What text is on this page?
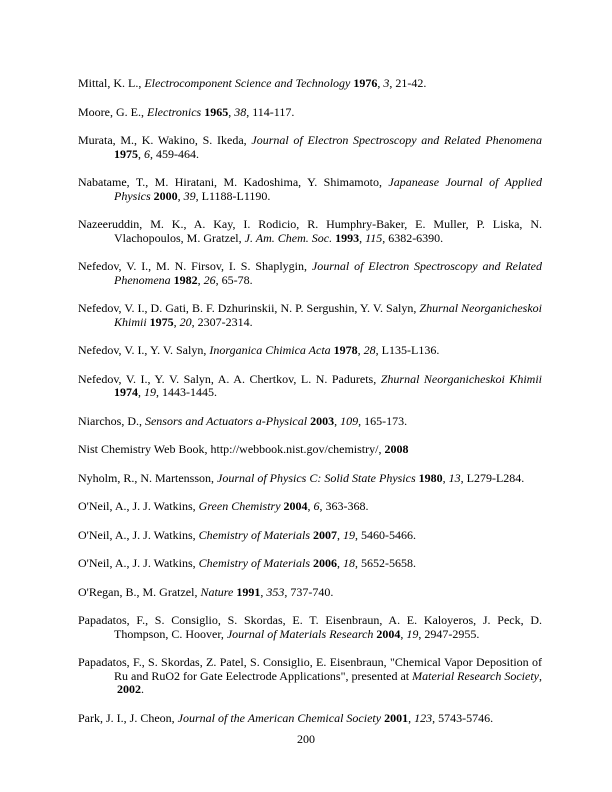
Mittal, K. L., Electrocomponent Science and Technology 1976, 3, 21-42.

Moore, G. E., Electronics 1965, 38, 114-117.

Murata, M., K. Wakino, S. Ikeda, Journal of Electron Spectroscopy and Related Phenomena 1975, 6, 459-464.

Nabatame, T., M. Hiratani, M. Kadoshima, Y. Shimamoto, Japanease Journal of Applied Physics 2000, 39, L1188-L1190.

Nazeeruddin, M. K., A. Kay, I. Rodicio, R. Humphry-Baker, E. Muller, P. Liska, N. Vlachopoulos, M. Gratzel, J. Am. Chem. Soc. 1993, 115, 6382-6390.

Nefedov, V. I., M. N. Firsov, I. S. Shaplygin, Journal of Electron Spectroscopy and Related Phenomena 1982, 26, 65-78.

Nefedov, V. I., D. Gati, B. F. Dzhurinskii, N. P. Sergushin, Y. V. Salyn, Zhurnal Neorganicheskoi Khimii 1975, 20, 2307-2314.

Nefedov, V. I., Y. V. Salyn, Inorganica Chimica Acta 1978, 28, L135-L136.

Nefedov, V. I., Y. V. Salyn, A. A. Chertkov, L. N. Padurets, Zhurnal Neorganicheskoi Khimii 1974, 19, 1443-1445.

Niarchos, D., Sensors and Actuators a-Physical 2003, 109, 165-173.

Nist Chemistry Web Book, http://webbook.nist.gov/chemistry/, 2008

Nyholm, R., N. Martensson, Journal of Physics C: Solid State Physics 1980, 13, L279-L284.

O'Neil, A., J. J. Watkins, Green Chemistry 2004, 6, 363-368.

O'Neil, A., J. J. Watkins, Chemistry of Materials 2007, 19, 5460-5466.

O'Neil, A., J. J. Watkins, Chemistry of Materials 2006, 18, 5652-5658.

O'Regan, B., M. Gratzel, Nature 1991, 353, 737-740.

Papadatos, F., S. Consiglio, S. Skordas, E. T. Eisenbraun, A. E. Kaloyeros, J. Peck, D. Thompson, C. Hoover, Journal of Materials Research 2004, 19, 2947-2955.

Papadatos, F., S. Skordas, Z. Patel, S. Consiglio, E. Eisenbraun, "Chemical Vapor Deposition of Ru and RuO2 for Gate Eelectrode Applications", presented at Material Research Society,  2002.

Park, J. I., J. Cheon, Journal of the American Chemical Society 2001, 123, 5743-5746.

200
